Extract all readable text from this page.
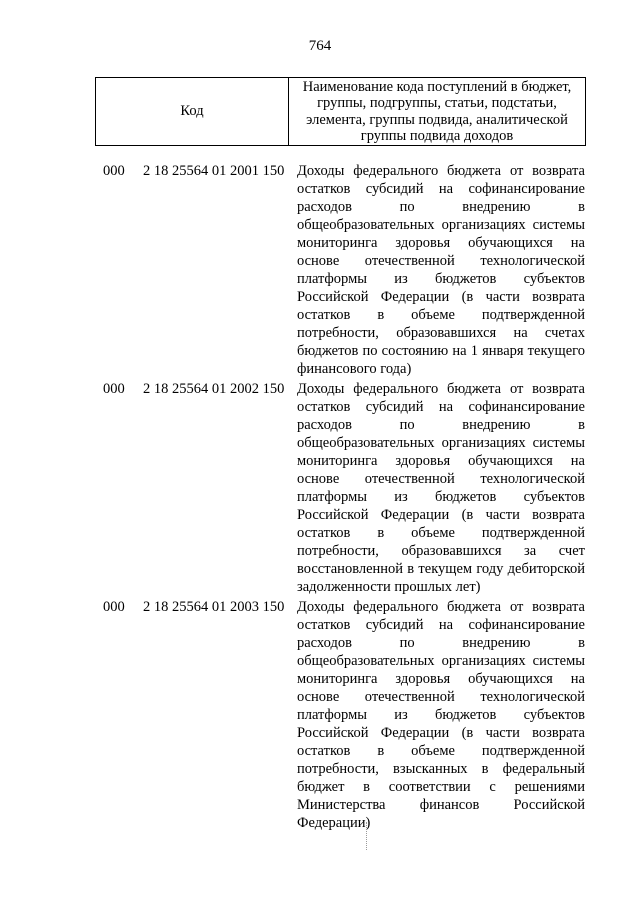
764
Код	
Наименование кода поступлений в бюджет, группы, подгруппы, статьи, подстатьи, элемента, группы подвида, аналитической группы подвида доходов
000 2 18 25564 01 2001 150 Доходы федерального бюджета от возврата остатков субсидий на софинансирование расходов по внедрению в общеобразовательных организациях системы мониторинга здоровья обучающихся на основе отечественной технологической платформы из бюджетов субъектов Российской Федерации (в части возврата остатков в объеме подтвержденной потребности, образовавшихся на счетах бюджетов по состоянию на 1 января текущего финансового года)
000 2 18 25564 01 2002 150 Доходы федерального бюджета от возврата остатков субсидий на софинансирование расходов по внедрению в общеобразовательных организациях системы мониторинга здоровья обучающихся на основе отечественной технологической платформы из бюджетов субъектов Российской Федерации (в части возврата остатков в объеме подтвержденной потребности, образовавшихся за счет восстановленной в текущем году дебиторской задолженности прошлых лет)
000 2 18 25564 01 2003 150 Доходы федерального бюджета от возврата остатков субсидий на софинансирование расходов по внедрению в общеобразовательных организациях системы мониторинга здоровья обучающихся на основе отечественной технологической платформы из бюджетов субъектов Российской Федерации (в части возврата остатков в объеме подтвержденной потребности, взысканных в федеральный бюджет в соответствии с решениями Министерства финансов Российской Федерации)
